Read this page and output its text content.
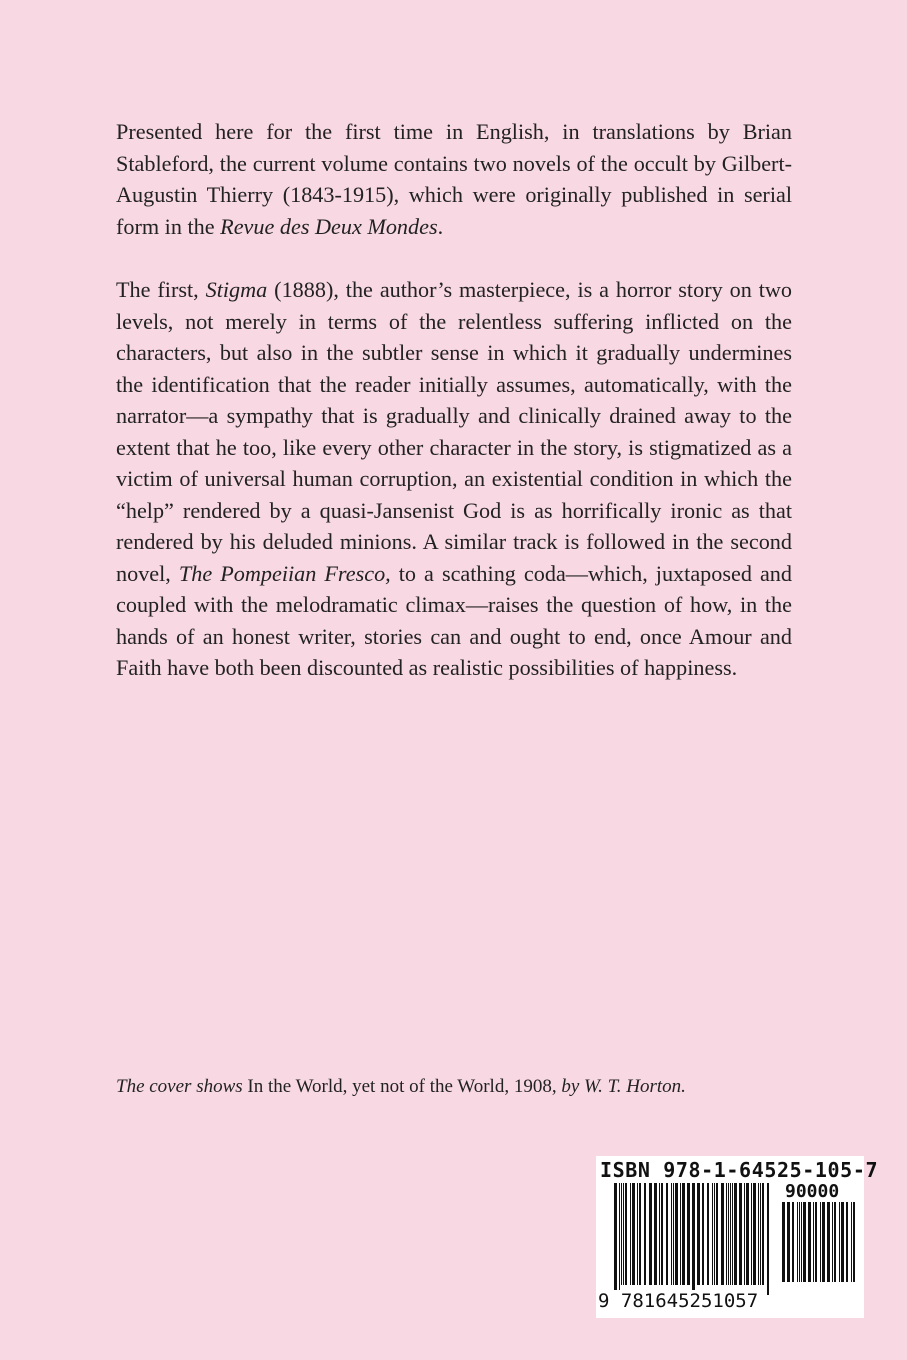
Presented here for the first time in English, in translations by Brian Stableford, the current volume contains two novels of the occult by Gilbert-Augustin Thierry (1843-1915), which were originally published in serial form in the Revue des Deux Mondes.
The first, Stigma (1888), the author’s masterpiece, is a horror story on two levels, not merely in terms of the relentless suffering inflicted on the characters, but also in the subtler sense in which it gradually undermines the identification that the reader initially assumes, automatically, with the narrator—a sympathy that is gradually and clinically drained away to the extent that he too, like every other character in the story, is stigmatized as a victim of universal human corruption, an existential condition in which the “help” rendered by a quasi-Jansenist God is as horrifically ironic as that rendered by his deluded minions. A similar track is followed in the second novel, The Pompeiian Fresco, to a scathing coda—which, juxtaposed and coupled with the melodramatic climax—raises the question of how, in the hands of an honest writer, stories can and ought to end, once Amour and Faith have both been discounted as realistic possibilities of happiness.
The cover shows In the World, yet not of the World, 1908, by W. T. Horton.
ISBN 978-1-64525-105-7
90000
9 781645251057
